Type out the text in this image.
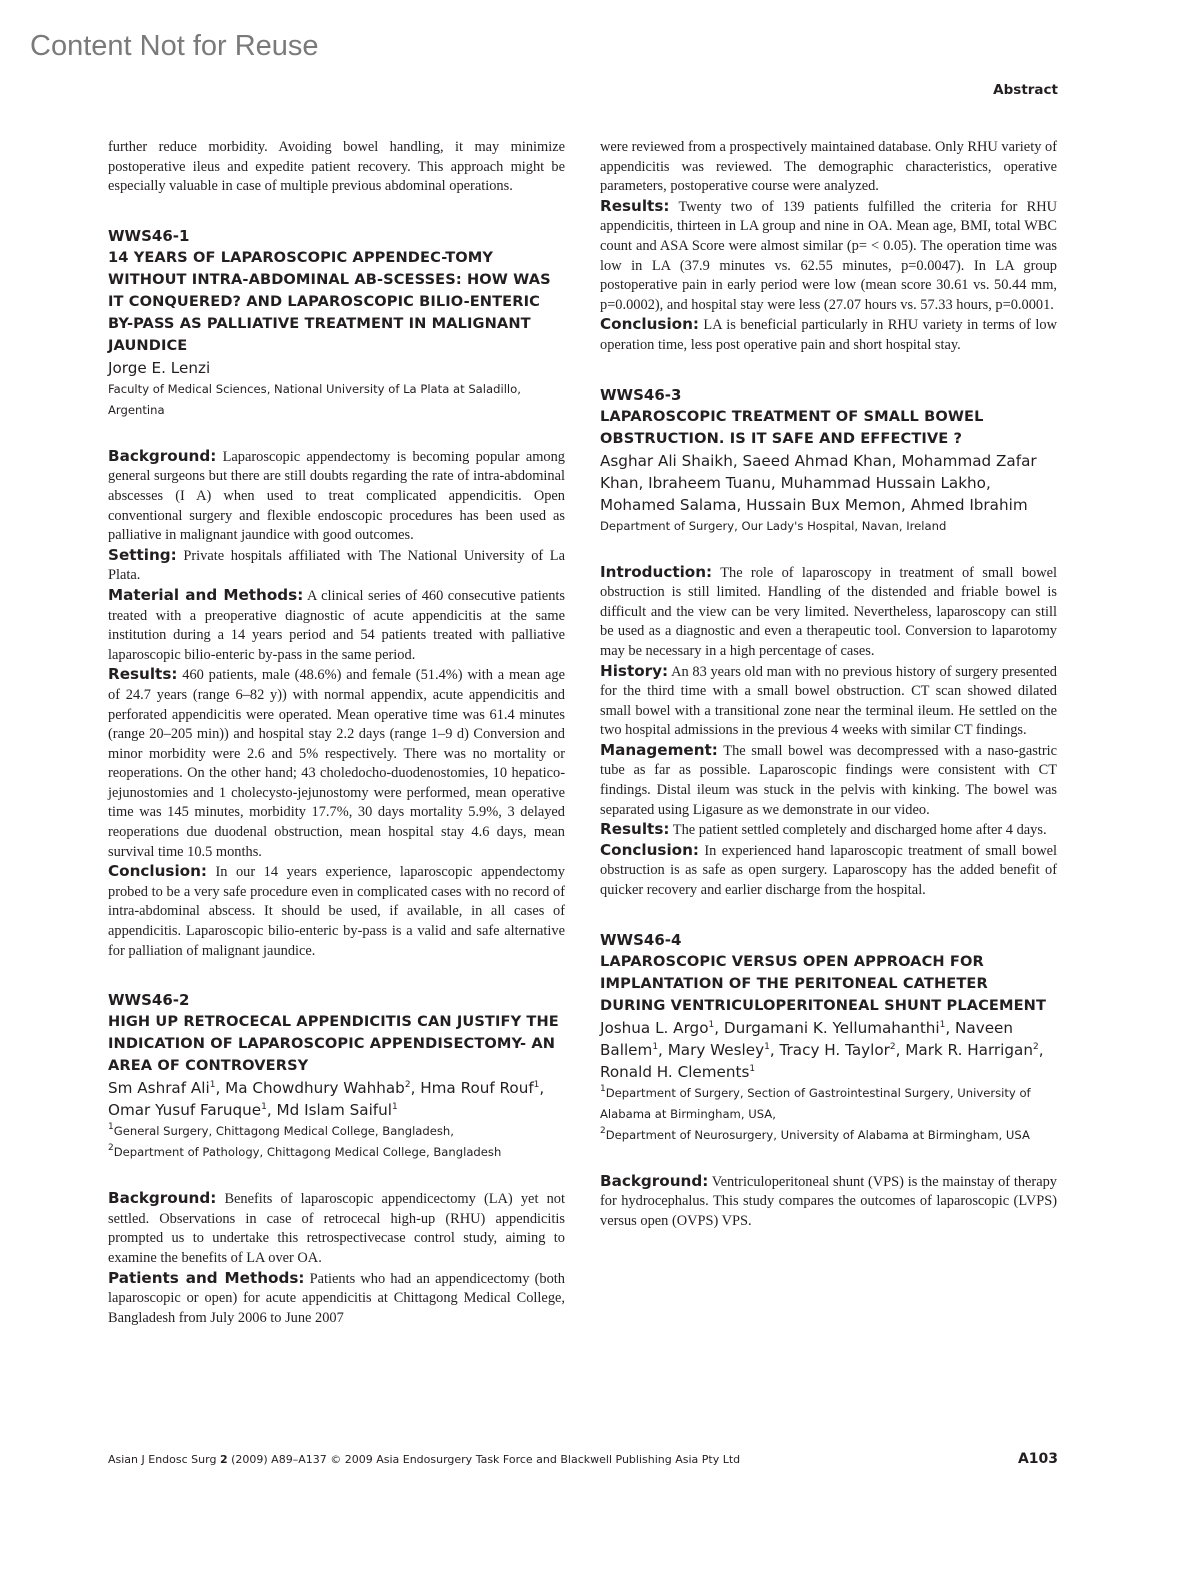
Content Not for Reuse
Abstract

further reduce morbidity. Avoiding bowel handling, it may minimize postoperative ileus and expedite patient recovery. This approach might be especially valuable in case of multiple previous abdominal operations.

WWS46-1
14 YEARS OF LAPAROSCOPIC APPENDEC-TOMY WITHOUT INTRA-ABDOMINAL AB-SCESSES: HOW WAS IT CONQUERED? AND LAPAROSCOPIC BILIO-ENTERIC BY-PASS AS PALLIATIVE TREATMENT IN MALIGNANT JAUNDICE
Jorge E. Lenzi
Faculty of Medical Sciences, National University of La Plata at Saladillo, Argentina

Background: Laparoscopic appendectomy is becoming popular among general surgeons but there are still doubts regarding the rate of intra-abdominal abscesses (I A) when used to treat complicated appendicitis. Open conventional surgery and flexible endoscopic procedures has been used as palliative in malignant jaundice with good outcomes.

Setting: Private hospitals affiliated with The National University of La Plata.

Material and Methods: A clinical series of 460 consecutive patients treated with a preoperative diagnostic of acute appendicitis at the same institution during a 14 years period and 54 patients treated with palliative laparoscopic bilio-enteric by-pass in the same period.

Results: 460 patients, male (48.6%) and female (51.4%) with a mean age of 24.7 years (range 6–82 y)) with normal appendix, acute appendicitis and perforated appendicitis were operated. Mean operative time was 61.4 minutes (range 20–205 min)) and hospital stay 2.2 days (range 1–9 d) Conversion and minor morbidity were 2.6 and 5% respectively. There was no mortality or reoperations. On the other hand; 43 choledocho-duodenostomies, 10 hepatico-jejunostomies and 1 cholecysto-jejunostomy were performed, mean operative time was 145 minutes, morbidity 17.7%, 30 days mortality 5.9%, 3 delayed reoperations due duodenal obstruction, mean hospital stay 4.6 days, mean survival time 10.5 months.

Conclusion: In our 14 years experience, laparoscopic appendectomy probed to be a very safe procedure even in complicated cases with no record of intra-abdominal abscess. It should be used, if available, in all cases of appendicitis. Laparoscopic bilio-enteric by-pass is a valid and safe alternative for palliation of malignant jaundice.

WWS46-2
HIGH UP RETROCECAL APPENDICITIS CAN JUSTIFY THE INDICATION OF LAPAROSCOPIC APPENDISECTOMY- AN AREA OF CONTROVERSY
Sm Ashraf Ali$^1$, Ma Chowdhury Wahhab$^2$, Hma Rouf Rouf$^1$, Omar Yusuf Faruque$^1$, Md Islam Saiful$^1$
$^1$General Surgery, Chittagong Medical College, Bangladesh,
$^2$Department of Pathology, Chittagong Medical College, Bangladesh

Background: Benefits of laparoscopic appendicectomy (LA) yet not settled. Observations in case of retrocecal high-up (RHU) appendicitis prompted us to undertake this retrospectivecase control study, aiming to examine the benefits of LA over OA.

Patients and Methods: Patients who had an appendicectomy (both laparoscopic or open) for acute appendicitis at Chittagong Medical College, Bangladesh from July 2006 to June 2007

were reviewed from a prospectively maintained database. Only RHU variety of appendicitis was reviewed. The demographic characteristics, operative parameters, postoperative course were analyzed.

Results: Twenty two of 139 patients fulfilled the criteria for RHU appendicitis, thirteen in LA group and nine in OA. Mean age, BMI, total WBC count and ASA Score were almost similar (p= < 0.05). The operation time was low in LA (37.9 minutes vs. 62.55 minutes, p=0.0047). In LA group postoperative pain in early period were low (mean score 30.61 vs. 50.44 mm, p=0.0002), and hospital stay were less (27.07 hours vs. 57.33 hours, p=0.0001.

Conclusion: LA is beneficial particularly in RHU variety in terms of low operation time, less post operative pain and short hospital stay.

WWS46-3
LAPAROSCOPIC TREATMENT OF SMALL BOWEL OBSTRUCTION. IS IT SAFE AND EFFECTIVE ?
Asghar Ali Shaikh, Saeed Ahmad Khan, Mohammad Zafar Khan, Ibraheem Tuanu, Muhammad Hussain Lakho, Mohamed Salama, Hussain Bux Memon, Ahmed Ibrahim
Department of Surgery, Our Lady's Hospital, Navan, Ireland

Introduction: The role of laparoscopy in treatment of small bowel obstruction is still limited. Handling of the distended and friable bowel is difficult and the view can be very limited. Nevertheless, laparoscopy can still be used as a diagnostic and even a therapeutic tool. Conversion to laparotomy may be necessary in a high percentage of cases.

History: An 83 years old man with no previous history of surgery presented for the third time with a small bowel obstruction. CT scan showed dilated small bowel with a transitional zone near the terminal ileum. He settled on the two hospital admissions in the previous 4 weeks with similar CT findings.

Management: The small bowel was decompressed with a naso-gastric tube as far as possible. Laparoscopic findings were consistent with CT findings. Distal ileum was stuck in the pelvis with kinking. The bowel was separated using Ligasure as we demonstrate in our video.

Results: The patient settled completely and discharged home after 4 days.

Conclusion: In experienced hand laparoscopic treatment of small bowel obstruction is as safe as open surgery. Laparoscopy has the added benefit of quicker recovery and earlier discharge from the hospital.

WWS46-4
LAPAROSCOPIC VERSUS OPEN APPROACH FOR IMPLANTATION OF THE PERITONEAL CATHETER DURING VENTRICULOPERITONEAL SHUNT PLACEMENT
Joshua L. Argo$^1$, Durgamani K. Yellumahanthi$^1$, Naveen Ballem$^1$, Mary Wesley$^1$, Tracy H. Taylor$^2$, Mark R. Harrigan$^2$, Ronald H. Clements$^1$
$^1$Department of Surgery, Section of Gastrointestinal Surgery, University of Alabama at Birmingham, USA,
$^2$Department of Neurosurgery, University of Alabama at Birmingham, USA

Background: Ventriculoperitoneal shunt (VPS) is the mainstay of therapy for hydrocephalus. This study compares the outcomes of laparoscopic (LVPS) versus open (OVPS) VPS.

Asian J Endosc Surg 2 (2009) A89–A137 © 2009 Asia Endosurgery Task Force and Blackwell Publishing Asia Pty Ltd	A103
